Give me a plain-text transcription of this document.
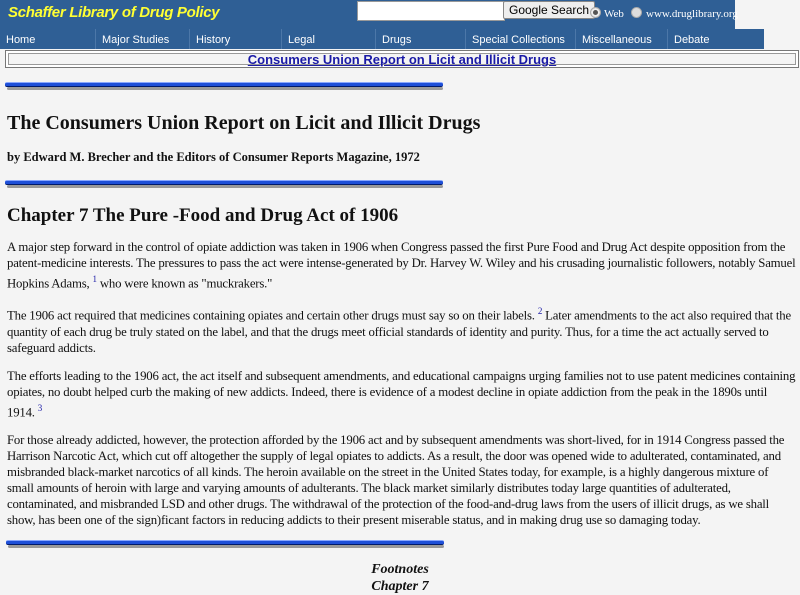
Schaffer Library of Drug Policy	Google Search	Web www.druglibrary.org
Home	Major Studies	History	Legal	Drugs	Special Collections	Miscellaneous	Debate
Consumers Union Report on Licit and Illicit Drugs
The Consumers Union Report on Licit and Illicit Drugs
by Edward M. Brecher and the Editors of Consumer Reports Magazine, 1972
Chapter 7 The Pure -Food and Drug Act of 1906

A major step forward in the control of opiate addiction was taken in 1906 when Congress passed the first Pure Food and Drug Act despite opposition from the patent-medicine interests. The pressures to pass the act were intense-generated by Dr. Harvey W. Wiley and his crusading journalistic followers, notably Samuel Hopkins Adams, $^1$ who were known as "muckrakers."

The 1906 act required that medicines containing opiates and certain other drugs must say so on their labels. $^2$ Later amendments to the act also required that the quantity of each drug be truly stated on the label, and that the drugs meet official standards of identity and purity. Thus, for a time the act actually served to safeguard addicts.

The efforts leading to the 1906 act, the act itself and subsequent amendments, and educational campaigns urging families not to use patent medicines containing opiates, no doubt helped curb the making of new addicts. Indeed, there is evidence of a modest decline in opiate addiction from the peak in the 1890s until 1914. $^3$

For those already addicted, however, the protection afforded by the 1906 act and by subsequent amendments was short-lived, for in 1914 Congress passed the Harrison Narcotic Act, which cut off altogether the supply of legal opiates to addicts. As a result, the door was opened wide to adulterated, contaminated, and misbranded black-market narcotics of all kinds. The heroin available on the street in the United States today, for example, is a highly dangerous mixture of small amounts of heroin with large and varying amounts of adulterants. The black market similarly distributes today large quantities of adulterated, contaminated, and misbranded LSD and other drugs. The withdrawal of the protection of the food-and-drug laws from the users of illicit drugs, as we shall show, has been one of the sign)ficant factors in reducing addicts to their present miserable status, and in making drug use so damaging today.

Footnotes
Chapter 7
